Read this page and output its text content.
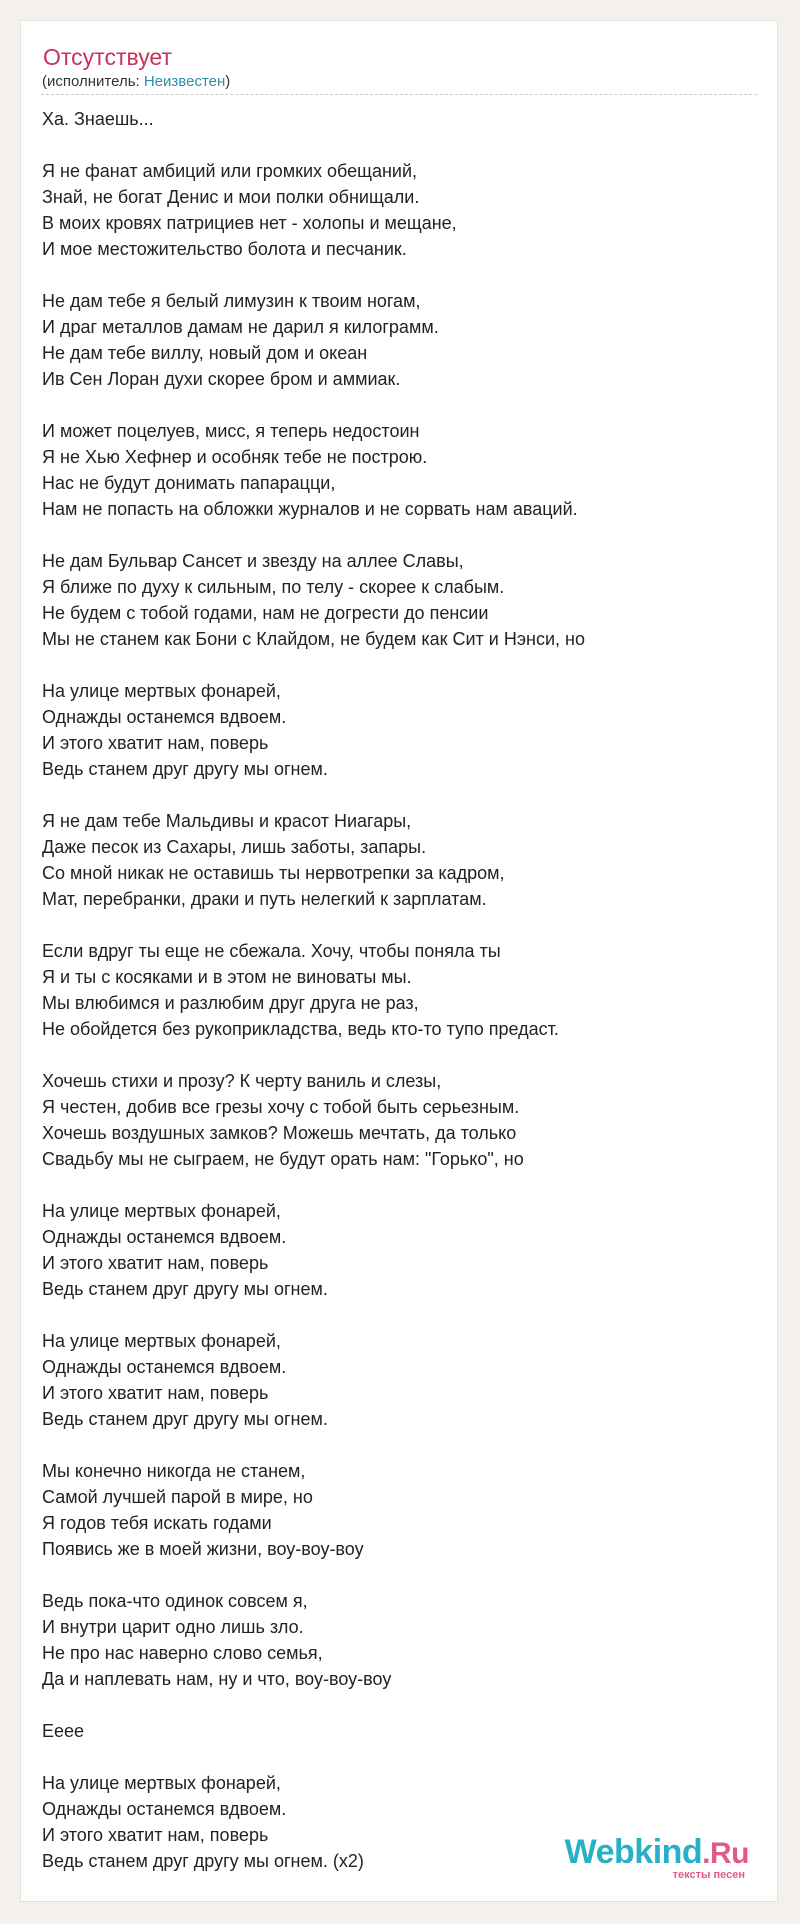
Отсутствует
(исполнитель: Неизвестен)
Ха. Знаешь...

Я не фанат амбиций или громких обещаний,
Знай, не богат Денис и мои полки обнищали.
В моих кровях патрициев нет - холопы и мещане,
И мое местожительство болота и песчаник.

Не дам тебе я белый лимузин к твоим ногам,
И драг металлов дамам не дарил я килограмм.
Не дам тебе виллу, новый дом и океан
Ив Сен Лоран духи скорее бром и аммиак.

И может поцелуев, мисс, я теперь недостоин
Я не Хью Хефнер и особняк тебе не построю.
Нас не будут донимать папарацци,
Нам не попасть на обложки журналов и не сорвать нам аваций.

Не дам Бульвар Сансет и звезду на аллее Славы,
Я ближе по духу к сильным, по телу - скорее к слабым.
Не будем с тобой годами, нам не догрести до пенсии
Мы не станем как Бони с Клайдом, не будем как Сит и Нэнси, но

На улице мертвых фонарей,
Однажды останемся вдвоем.
И этого хватит нам, поверь
Ведь станем друг другу мы огнем.

Я не дам тебе Мальдивы и красот Ниагары,
Даже песок из Сахары, лишь заботы, запары.
Со мной никак не оставишь ты нервотрепки за кадром,
Мат, перебранки, драки и путь нелегкий к зарплатам.

Если вдруг ты еще не сбежала. Хочу, чтобы поняла ты
Я и ты с косяками и в этом не виноваты мы.
Мы влюбимся и разлюбим друг друга не раз,
Не обойдется без рукоприкладства, ведь кто-то тупо предаст.

Хочешь стихи и прозу? К черту ваниль и слезы,
Я честен, добив все грезы хочу с тобой быть серьезным.
Хочешь воздушных замков? Можешь мечтать, да только
Свадьбу мы не сыграем, не будут орать нам: "Горько", но

На улице мертвых фонарей,
Однажды останемся вдвоем.
И этого хватит нам, поверь
Ведь станем друг другу мы огнем.

На улице мертвых фонарей,
Однажды останемся вдвоем.
И этого хватит нам, поверь
Ведь станем друг другу мы огнем.

Мы конечно никогда не станем,
Самой лучшей парой в мире, но
Я годов тебя искать годами
Появись же в моей жизни, воу-воу-воу

Ведь пока-что одинок совсем я,
И внутри царит одно лишь зло.
Не про нас наверно слово семья,
Да и наплевать нам, ну и что, воу-воу-воу

Ееее

На улице мертвых фонарей,
Однажды останемся вдвоем.
И этого хватит нам, поверь
Ведь станем друг другу мы огнем. (x2)	Webkind.Ru
тексты песен
